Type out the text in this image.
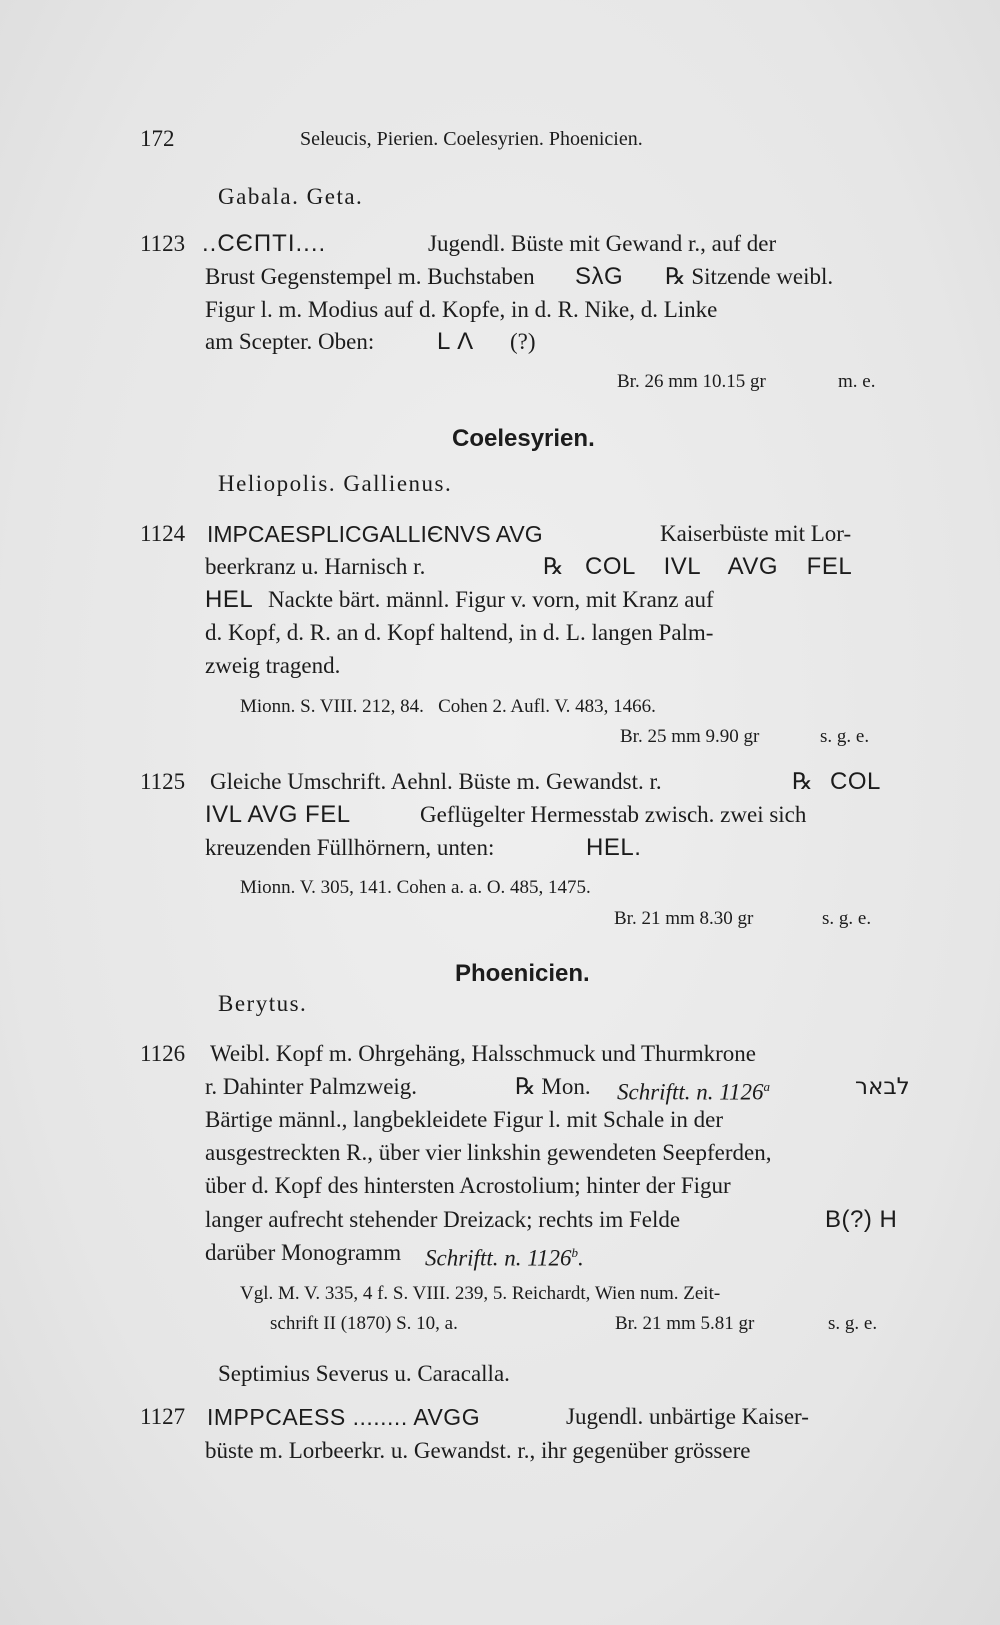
172	Seleucis, Pierien. Coelesyrien. Phoenicien.
Gabala. Geta.
1123 ..CЄПТІ....	Jugendl. Büste mit Gewand r., auf der
Brust Gegenstempel m. Buchstaben SλG ℞ Sitzende weibl.
Figur l. m. Modius auf d. Kopfe, in d. R. Nike, d. Linke
am Scepter. Oben:	L Λ (?)
Br. 26 mm 10.15 gr	m. e.
Coelesyrien.
Heliopolis. Gallienus.
1124 IMPCAESPLICGALLIЄNVS AVG	Kaiserbüste mit Lor-
beerkranz u. Harnisch r.	℞ COL    IVL    AVG    FEL
HEL Nackte bärt. männl. Figur v. vorn, mit Kranz auf
d. Kopf, d. R. an d. Kopf haltend, in d. L. langen Palm-
zweig tragend.
Mionn. S. VIII. 212, 84.   Cohen 2. Aufl. V. 483, 1466.
Br. 25 mm 9.90 gr	s. g. e.
1125 Gleiche Umschrift. Aehnl. Büste m. Gewandst. r.	℞ COL
IVL AVG FEL	Geflügelter Hermesstab zwisch. zwei sich
kreuzenden Füllhörnern, unten:	HEL.
Mionn. V. 305, 141. Cohen a. a. O. 485, 1475.
Br. 21 mm 8.30 gr	s. g. e.
Phoenicien.
Berytus.
1126 Weibl. Kopf m. Ohrgehäng, Halsschmuck und Thurmkrone
r. Dahinter Palmzweig.	℞ Mon. Schriftt. n. 1126$^a$	לבאר
Bärtige männl., langbekleidete Figur l. mit Schale in der
ausgestreckten R., über vier linkshin gewendeten Seepferden,
über d. Kopf des hintersten Acrostolium; hinter der Figur
langer aufrecht stehender Dreizack; rechts im Felde	B(?) H
darüber Monogramm Schriftt. n. 1126$^b$.
Vgl. M. V. 335, 4 f. S. VIII. 239, 5. Reichardt, Wien num. Zeit-
schrift II (1870) S. 10, a.	Br. 21 mm 5.81 gr	s. g. e.
Septimius Severus u. Caracalla.
1127 IMPPCAESS ........ AVGG	Jugendl. unbärtige Kaiser-
büste m. Lorbeerkr. u. Gewandst. r., ihr gegenüber grössere
